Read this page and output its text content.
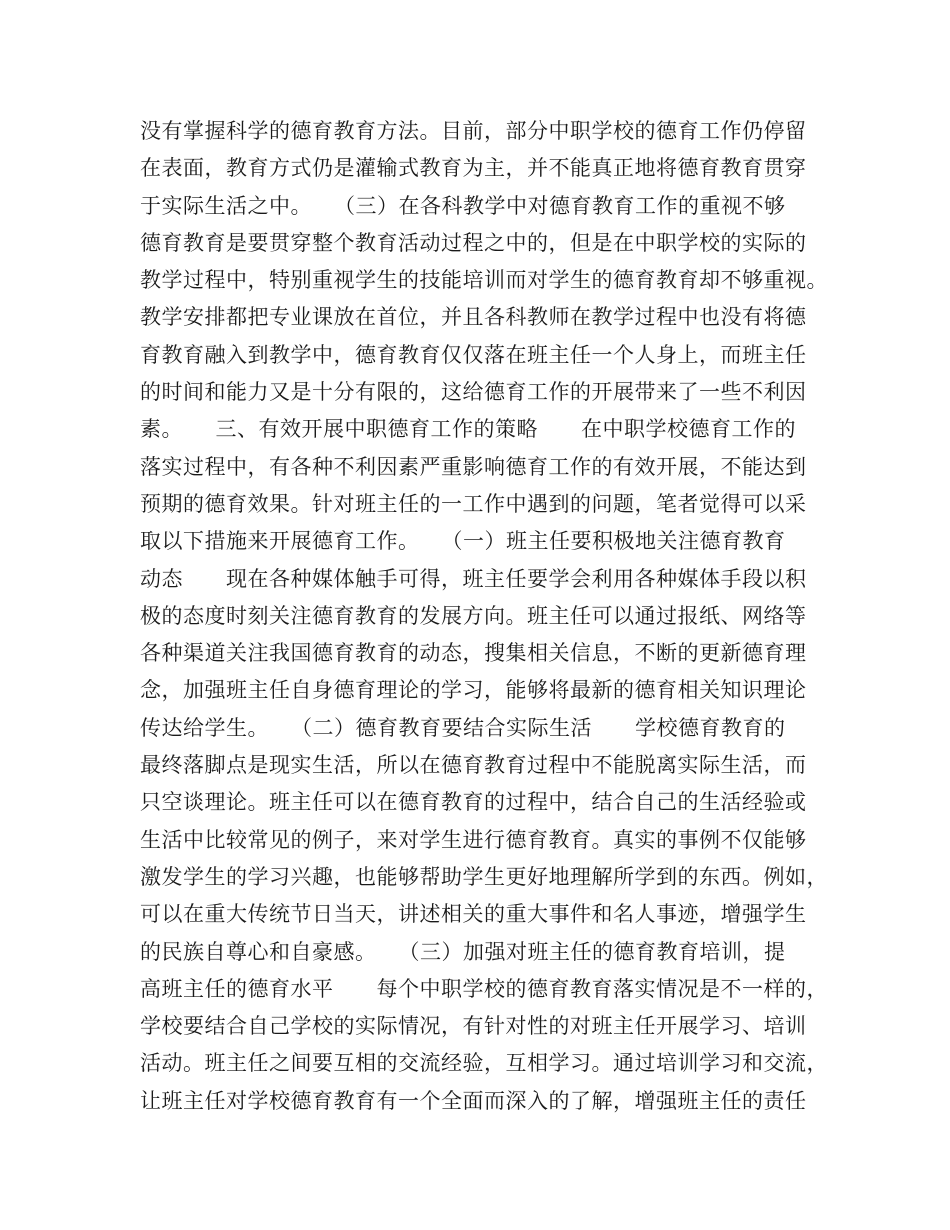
没有掌握科学的德育教育方法。目前，部分中职学校的德育工作仍停留
在表面，教育方式仍是灌输式教育为主，并不能真正地将德育教育贯穿
于实际生活之中。　　（三）在各科教学中对德育教育工作的重视不够
德育教育是要贯穿整个教育活动过程之中的，但是在中职学校的实际的
教学过程中，特别重视学生的技能培训而对学生的德育教育却不够重视。
教学安排都把专业课放在首位，并且各科教师在教学过程中也没有将德
育教育融入到教学中，德育教育仅仅落在班主任一个人身上，而班主任
的时间和能力又是十分有限的，这给德育工作的开展带来了一些不利因
素。　　三、有效开展中职德育工作的策略　　在中职学校德育工作的
落实过程中，有各种不利因素严重影响德育工作的有效开展，不能达到
预期的德育效果。针对班主任的一工作中遇到的问题，笔者觉得可以采
取以下措施来开展德育工作。　　（一）班主任要积极地关注德育教育
动态　　现在各种媒体触手可得，班主任要学会利用各种媒体手段以积
极的态度时刻关注德育教育的发展方向。班主任可以通过报纸、网络等
各种渠道关注我国德育教育的动态，搜集相关信息，不断的更新德育理
念，加强班主任自身德育理论的学习，能够将最新的德育相关知识理论
传达给学生。　　（二）德育教育要结合实际生活　　学校德育教育的
最终落脚点是现实生活，所以在德育教育过程中不能脱离实际生活，而
只空谈理论。班主任可以在德育教育的过程中，结合自己的生活经验或
生活中比较常见的例子，来对学生进行德育教育。真实的事例不仅能够
激发学生的学习兴趣，也能够帮助学生更好地理解所学到的东西。例如，
可以在重大传统节日当天，讲述相关的重大事件和名人事迹，增强学生
的民族自尊心和自豪感。　　（三）加强对班主任的德育教育培训，提
高班主任的德育水平　　每个中职学校的德育教育落实情况是不一样的，
学校要结合自己学校的实际情况，有针对性的对班主任开展学习、培训
活动。班主任之间要互相的交流经验，互相学习。通过培训学习和交流，
让班主任对学校德育教育有一个全面而深入的了解，增强班主任的责任
